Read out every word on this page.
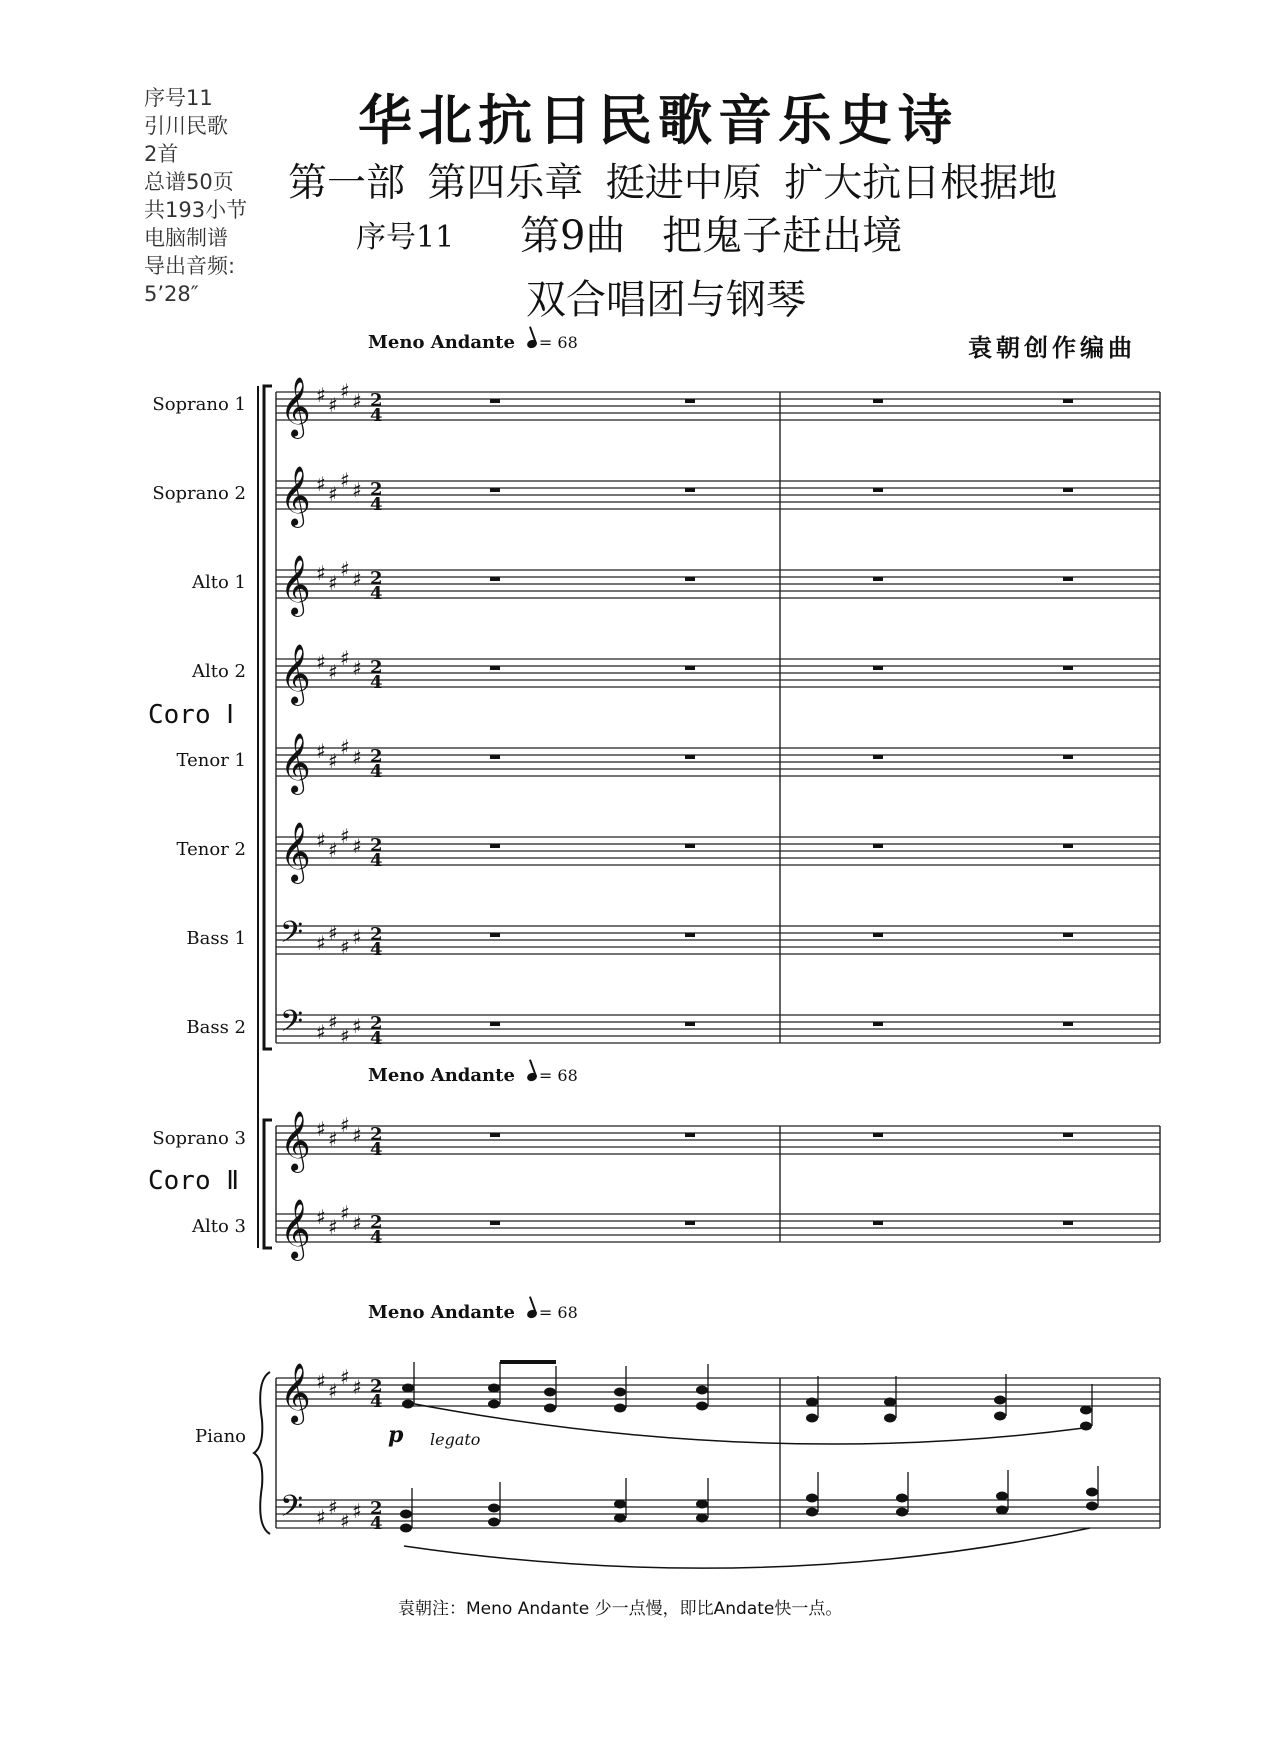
序号11
引川民歌
2首
总谱50页
共193小节
电脑制谱
导出音频:
5’28″
华北抗日民歌音乐史诗
第一部 第四乐章 挺进中原 扩大抗日根据地
序号11 第9曲 把鬼子赶出境
双合唱团与钢琴
袁朝创作编曲
Meno Andante = 68
Meno Andante = 68
Meno Andante = 68
Soprano 1
Soprano 2
Alto 1
Alto 2
Tenor 1
Tenor 2
Bass 1
Bass 2
Coro Ⅰ
Soprano 3
Alto 3
Coro Ⅱ
Piano	p legato
𝄞 ♯ ♯
♯ ♯ 2
4
𝄞 ♯ ♯
♯ ♯ 2
4
𝄞 ♯ ♯
♯ ♯ 2
4
𝄞 ♯ ♯
♯ ♯ 2
4
𝄞 ♯ ♯
♯ ♯ 2
4
𝄞 ♯ ♯
♯ ♯ 2
4
𝄢 ♯ ♯
♯ ♯ 2
4
𝄢 ♯ ♯
♯ ♯ 2
4
𝄞 ♯ ♯
♯ ♯ 2
4
𝄞 ♯ ♯
♯ ♯ 2
4
𝄞 ♯ ♯
♯ ♯ 2
4
𝄢 ♯ ♯
♯ ♯ 2
4
袁朝注：Meno Andante 少一点慢，即比Andate快一点。
